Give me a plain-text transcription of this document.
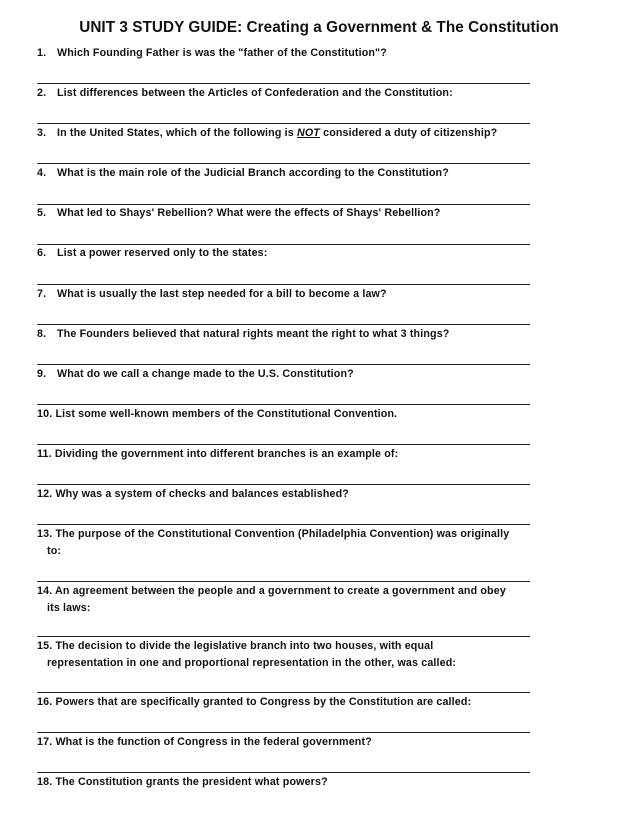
UNIT 3 STUDY GUIDE: Creating a Government & The Constitution
1. Which Founding Father is was the "father of the Constitution"?
2. List differences between the Articles of Confederation and the Constitution:
3. In the United States, which of the following is NOT considered a duty of citizenship?
4. What is the main role of the Judicial Branch according to the Constitution?
5. What led to Shays' Rebellion? What were the effects of Shays' Rebellion?
6. List a power reserved only to the states:
7. What is usually the last step needed for a bill to become a law?
8. The Founders believed that natural rights meant the right to what 3 things?
9. What do we call a change made to the U.S. Constitution?
10. List some well-known members of the Constitutional Convention.
11. Dividing the government into different branches is an example of:
12. Why was a system of checks and balances established?
13. The purpose of the Constitutional Convention (Philadelphia Convention) was originally
to:
14. An agreement between the people and a government to create a government and obey
its laws:
15. The decision to divide the legislative branch into two houses, with equal
representation in one and proportional representation in the other, was called:
16. Powers that are specifically granted to Congress by the Constitution are called:
17. What is the function of Congress in the federal government?
18. The Constitution grants the president what powers?
